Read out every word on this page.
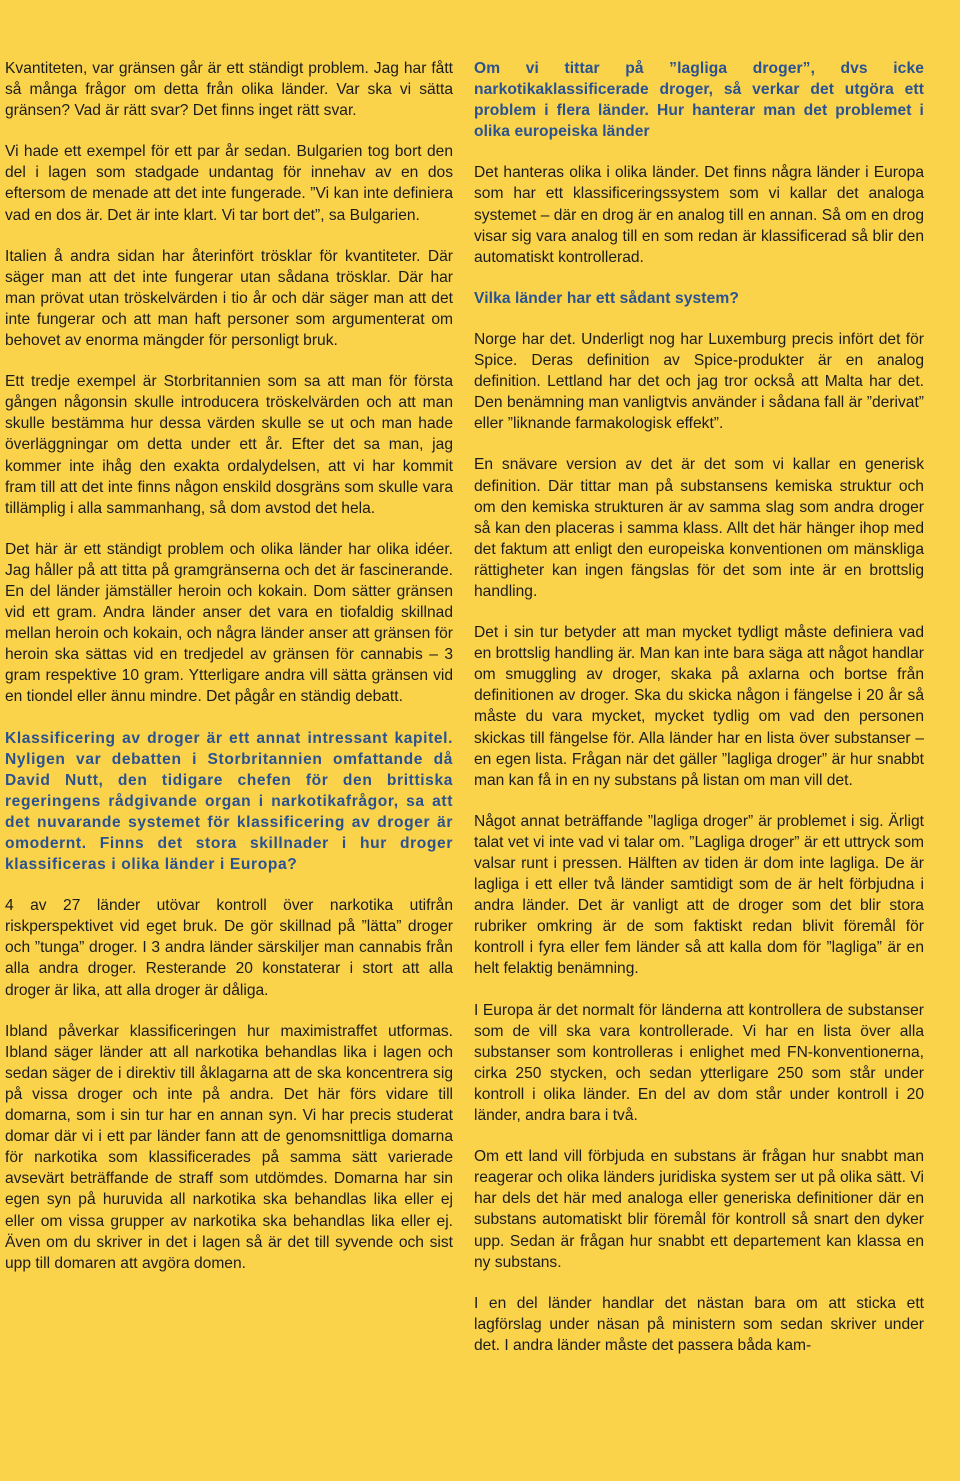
Kvantiteten, var gränsen går är ett ständigt problem. Jag har fått så många frågor om detta från olika länder. Var ska vi sätta gränsen? Vad är rätt svar? Det finns inget rätt svar.

Vi hade ett exempel för ett par år sedan. Bulgarien tog bort den del i lagen som stadgade undantag för innehav av en dos eftersom de menade att det inte fungerade. ”Vi kan inte definiera vad en dos är. Det är inte klart. Vi tar bort det”, sa Bulgarien.

Italien å andra sidan har återinfört trösklar för kvantiteter. Där säger man att det inte fungerar utan sådana trösklar. Där har man prövat utan tröskelvärden i tio år och där säger man att det inte fungerar och att man haft personer som argumenterat om behovet av enorma mängder för personligt bruk.

Ett tredje exempel är Storbritannien som sa att man för första gången någonsin skulle introducera tröskelvärden och att man skulle bestämma hur dessa värden skulle se ut och man hade överläggningar om detta under ett år. Efter det sa man, jag kommer inte ihåg den exakta ordalydelsen, att vi har kommit fram till att det inte finns någon enskild dosgräns som skulle vara tillämplig i alla sammanhang, så dom avstod det hela.

Det här är ett ständigt problem och olika länder har olika idéer. Jag håller på att titta på gramgränserna och det är fascinerande. En del länder jämställer heroin och kokain. Dom sätter gränsen vid ett gram. Andra länder anser det vara en tiofaldig skillnad mellan heroin och kokain, och några länder anser att gränsen för heroin ska sättas vid en tredjedel av gränsen för cannabis – 3 gram respektive 10 gram. Ytterligare andra vill sätta gränsen vid en tiondel eller ännu mindre. Det pågår en ständig debatt.

Klassificering av droger är ett annat intressant kapitel. Nyligen var debatten i Storbritannien omfattande då David Nutt, den tidigare chefen för den brittiska regeringens rådgivande organ i narkotikafrågor, sa att det nuvarande systemet för klassificering av droger är omodernt. Finns det stora skillnader i hur droger klassificeras i olika länder i Europa?

4 av 27 länder utövar kontroll över narkotika utifrån riskperspektivet vid eget bruk. De gör skillnad på ”lätta” droger och ”tunga” droger. I 3 andra länder särskiljer man cannabis från alla andra droger. Resterande 20 konstaterar i stort att alla droger är lika, att alla droger är dåliga.

Ibland påverkar klassificeringen hur maximistraffet utformas. Ibland säger länder att all narkotika behandlas lika i lagen och sedan säger de i direktiv till åklagarna att de ska koncentrera sig på vissa droger och inte på andra. Det här förs vidare till domarna, som i sin tur har en annan syn. Vi har precis studerat domar där vi i ett par länder fann att de genomsnittliga domarna för narkotika som klassificerades på samma sätt varierade avsevärt beträffande de straff som utdömdes. Domarna har sin egen syn på huruvida all narkotika ska behandlas lika eller ej eller om vissa grupper av narkotika ska behandlas lika eller ej. Även om du skriver in det i lagen så är det till syvende och sist upp till domaren att avgöra domen.

Om vi tittar på ”lagliga droger”, dvs icke narkotikaklassificerade droger, så verkar det utgöra ett problem i flera länder. Hur hanterar man det problemet i olika europeiska länder

Det hanteras olika i olika länder. Det finns några länder i Europa som har ett klassificeringssystem som vi kallar det analoga systemet – där en drog är en analog till en annan. Så om en drog visar sig vara analog till en som redan är klassificerad så blir den automatiskt kontrollerad.

Vilka länder har ett sådant system?

Norge har det. Underligt nog har Luxemburg precis infört det för Spice. Deras definition av Spice-produkter är en analog definition. Lettland har det och jag tror också att Malta har det. Den benämning man vanligtvis använder i sådana fall är ”derivat” eller ”liknande farmakologisk effekt”.

En snävare version av det är det som vi kallar en generisk definition. Där tittar man på substansens kemiska struktur och om den kemiska strukturen är av samma slag som andra droger så kan den placeras i samma klass. Allt det här hänger ihop med det faktum att enligt den europeiska konventionen om mänskliga rättigheter kan ingen fängslas för det som inte är en brottslig handling.

Det i sin tur betyder att man mycket tydligt måste definiera vad en brottslig handling är. Man kan inte bara säga att något handlar om smuggling av droger, skaka på axlarna och bortse från definitionen av droger. Ska du skicka någon i fängelse i 20 år så måste du vara mycket, mycket tydlig om vad den personen skickas till fängelse för. Alla länder har en lista över substanser – en egen lista. Frågan när det gäller ”lagliga droger” är hur snabbt man kan få in en ny substans på listan om man vill det.

Något annat beträffande ”lagliga droger” är problemet i sig. Ärligt talat vet vi inte vad vi talar om. ”Lagliga droger” är ett uttryck som valsar runt i pressen. Hälften av tiden är dom inte lagliga. De är lagliga i ett eller två länder samtidigt som de är helt förbjudna i andra länder. Det är vanligt att de droger som det blir stora rubriker omkring är de som faktiskt redan blivit föremål för kontroll i fyra eller fem länder så att kalla dom för ”lagliga” är en helt felaktig benämning.

I Europa är det normalt för länderna att kontrollera de substanser som de vill ska vara kontrollerade. Vi har en lista över alla substanser som kontrolleras i enlighet med FN-konventionerna, cirka 250 stycken, och sedan ytterligare 250 som står under kontroll i olika länder. En del av dom står under kontroll i 20 länder, andra bara i två.

Om ett land vill förbjuda en substans är frågan hur snabbt man reagerar och olika länders juridiska system ser ut på olika sätt. Vi har dels det här med analoga eller generiska definitioner där en substans automatiskt blir föremål för kontroll så snart den dyker upp. Sedan är frågan hur snabbt ett departement kan klassa en ny substans.

I en del länder handlar det nästan bara om att sticka ett lagförslag under näsan på ministern som sedan skriver under det. I andra länder måste det passera båda kam-
